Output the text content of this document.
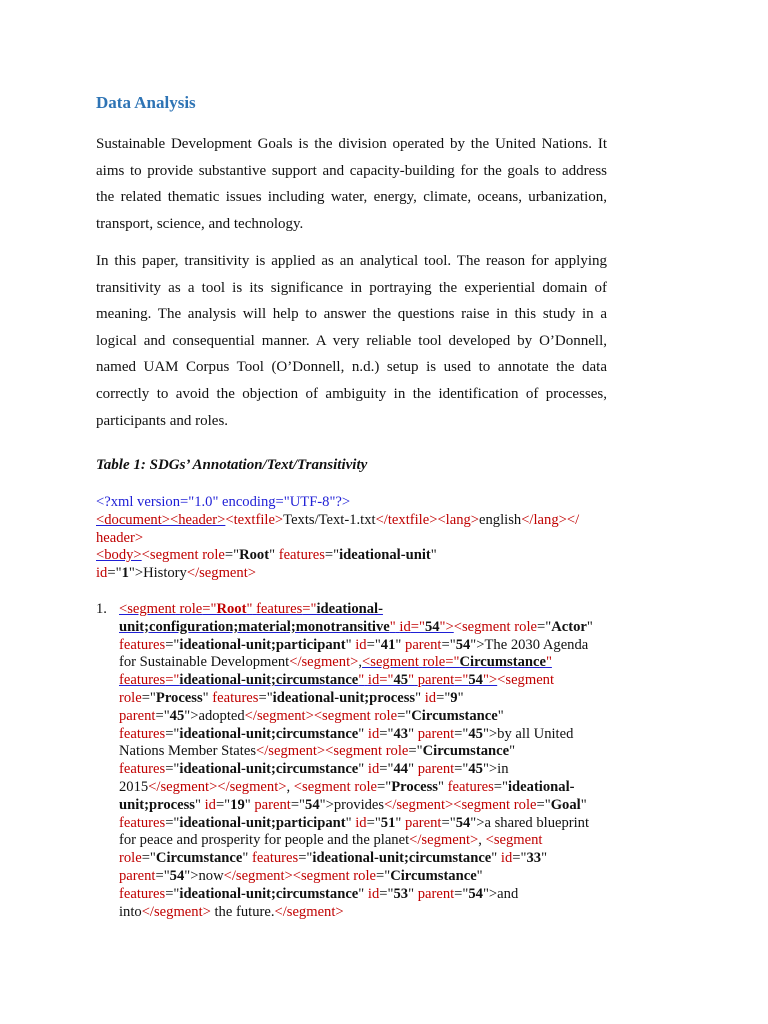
Data Analysis

Sustainable Development Goals is the division operated by the United Nations. It aims to provide substantive support and capacity-building for the goals to address the related thematic issues including water, energy, climate, oceans, urbanization, transport, science, and technology.

In this paper, transitivity is applied as an analytical tool. The reason for applying transitivity as a tool is its significance in portraying the experiential domain of meaning. The analysis will help to answer the questions raise in this study in a logical and consequential manner. A very reliable tool developed by O’Donnell, named UAM Corpus Tool (O’Donnell, n.d.) setup is used to annotate the data correctly to avoid the objection of ambiguity in the identification of processes, participants and roles.

Table 1: SDGs’ Annotation/Text/Transitivity

<?xml version="1.0" encoding="UTF-8"?>
<document><header><textfile>Texts/Text-1.txt</textfile><lang>english</lang></
header>
<body><segment role="Root" features="ideational-unit"
id="1">History</segment>
1. <segment role="Root" features="ideational-
unit;configuration;material;monotransitive" id="54"><segment role="Actor"
features="ideational-unit;participant" id="41" parent="54">The 2030 Agenda
for Sustainable Development</segment>,<segment role="Circumstance"
features="ideational-unit;circumstance" id="45" parent="54"><segment
role="Process" features="ideational-unit;process" id="9"
parent="45">adopted</segment><segment role="Circumstance"
features="ideational-unit;circumstance" id="43" parent="45">by all United
Nations Member States</segment><segment role="Circumstance"
features="ideational-unit;circumstance" id="44" parent="45">in
2015</segment></segment>, <segment role="Process" features="ideational-
unit;process" id="19" parent="54">provides</segment><segment role="Goal"
features="ideational-unit;participant" id="51" parent="54">a shared blueprint
for peace and prosperity for people and the planet</segment>, <segment
role="Circumstance" features="ideational-unit;circumstance" id="33"
parent="54">now</segment><segment role="Circumstance"
features="ideational-unit;circumstance" id="53" parent="54">and
into</segment> the future.</segment>
